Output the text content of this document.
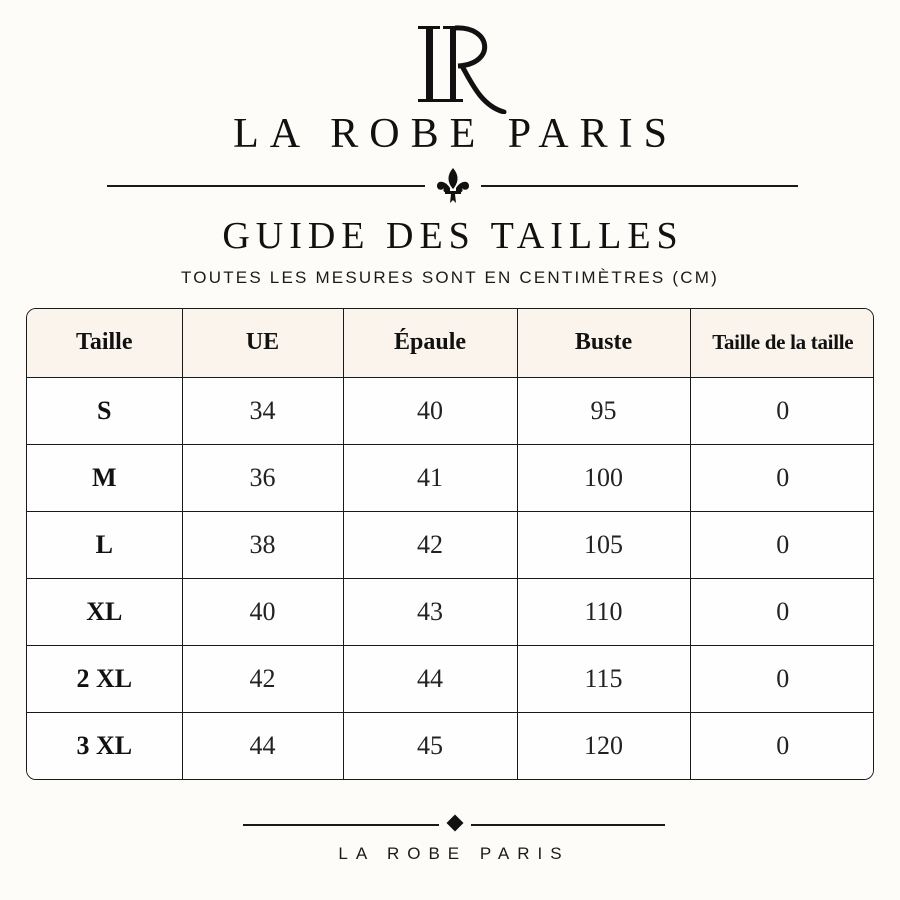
LA ROBE PARIS
GUIDE DES TAILLES
TOUTES LES MESURES SONT EN CENTIMÈTRES (CM)
Taille	UE	Épaule	Buste	Taille de la taille
S	34	40	95	0
M	36	41	100	0
L	38	42	105	0
XL	40	43	110	0
2 XL	42	44	115	0
3 XL	44	45	120	0
LA ROBE PARIS
